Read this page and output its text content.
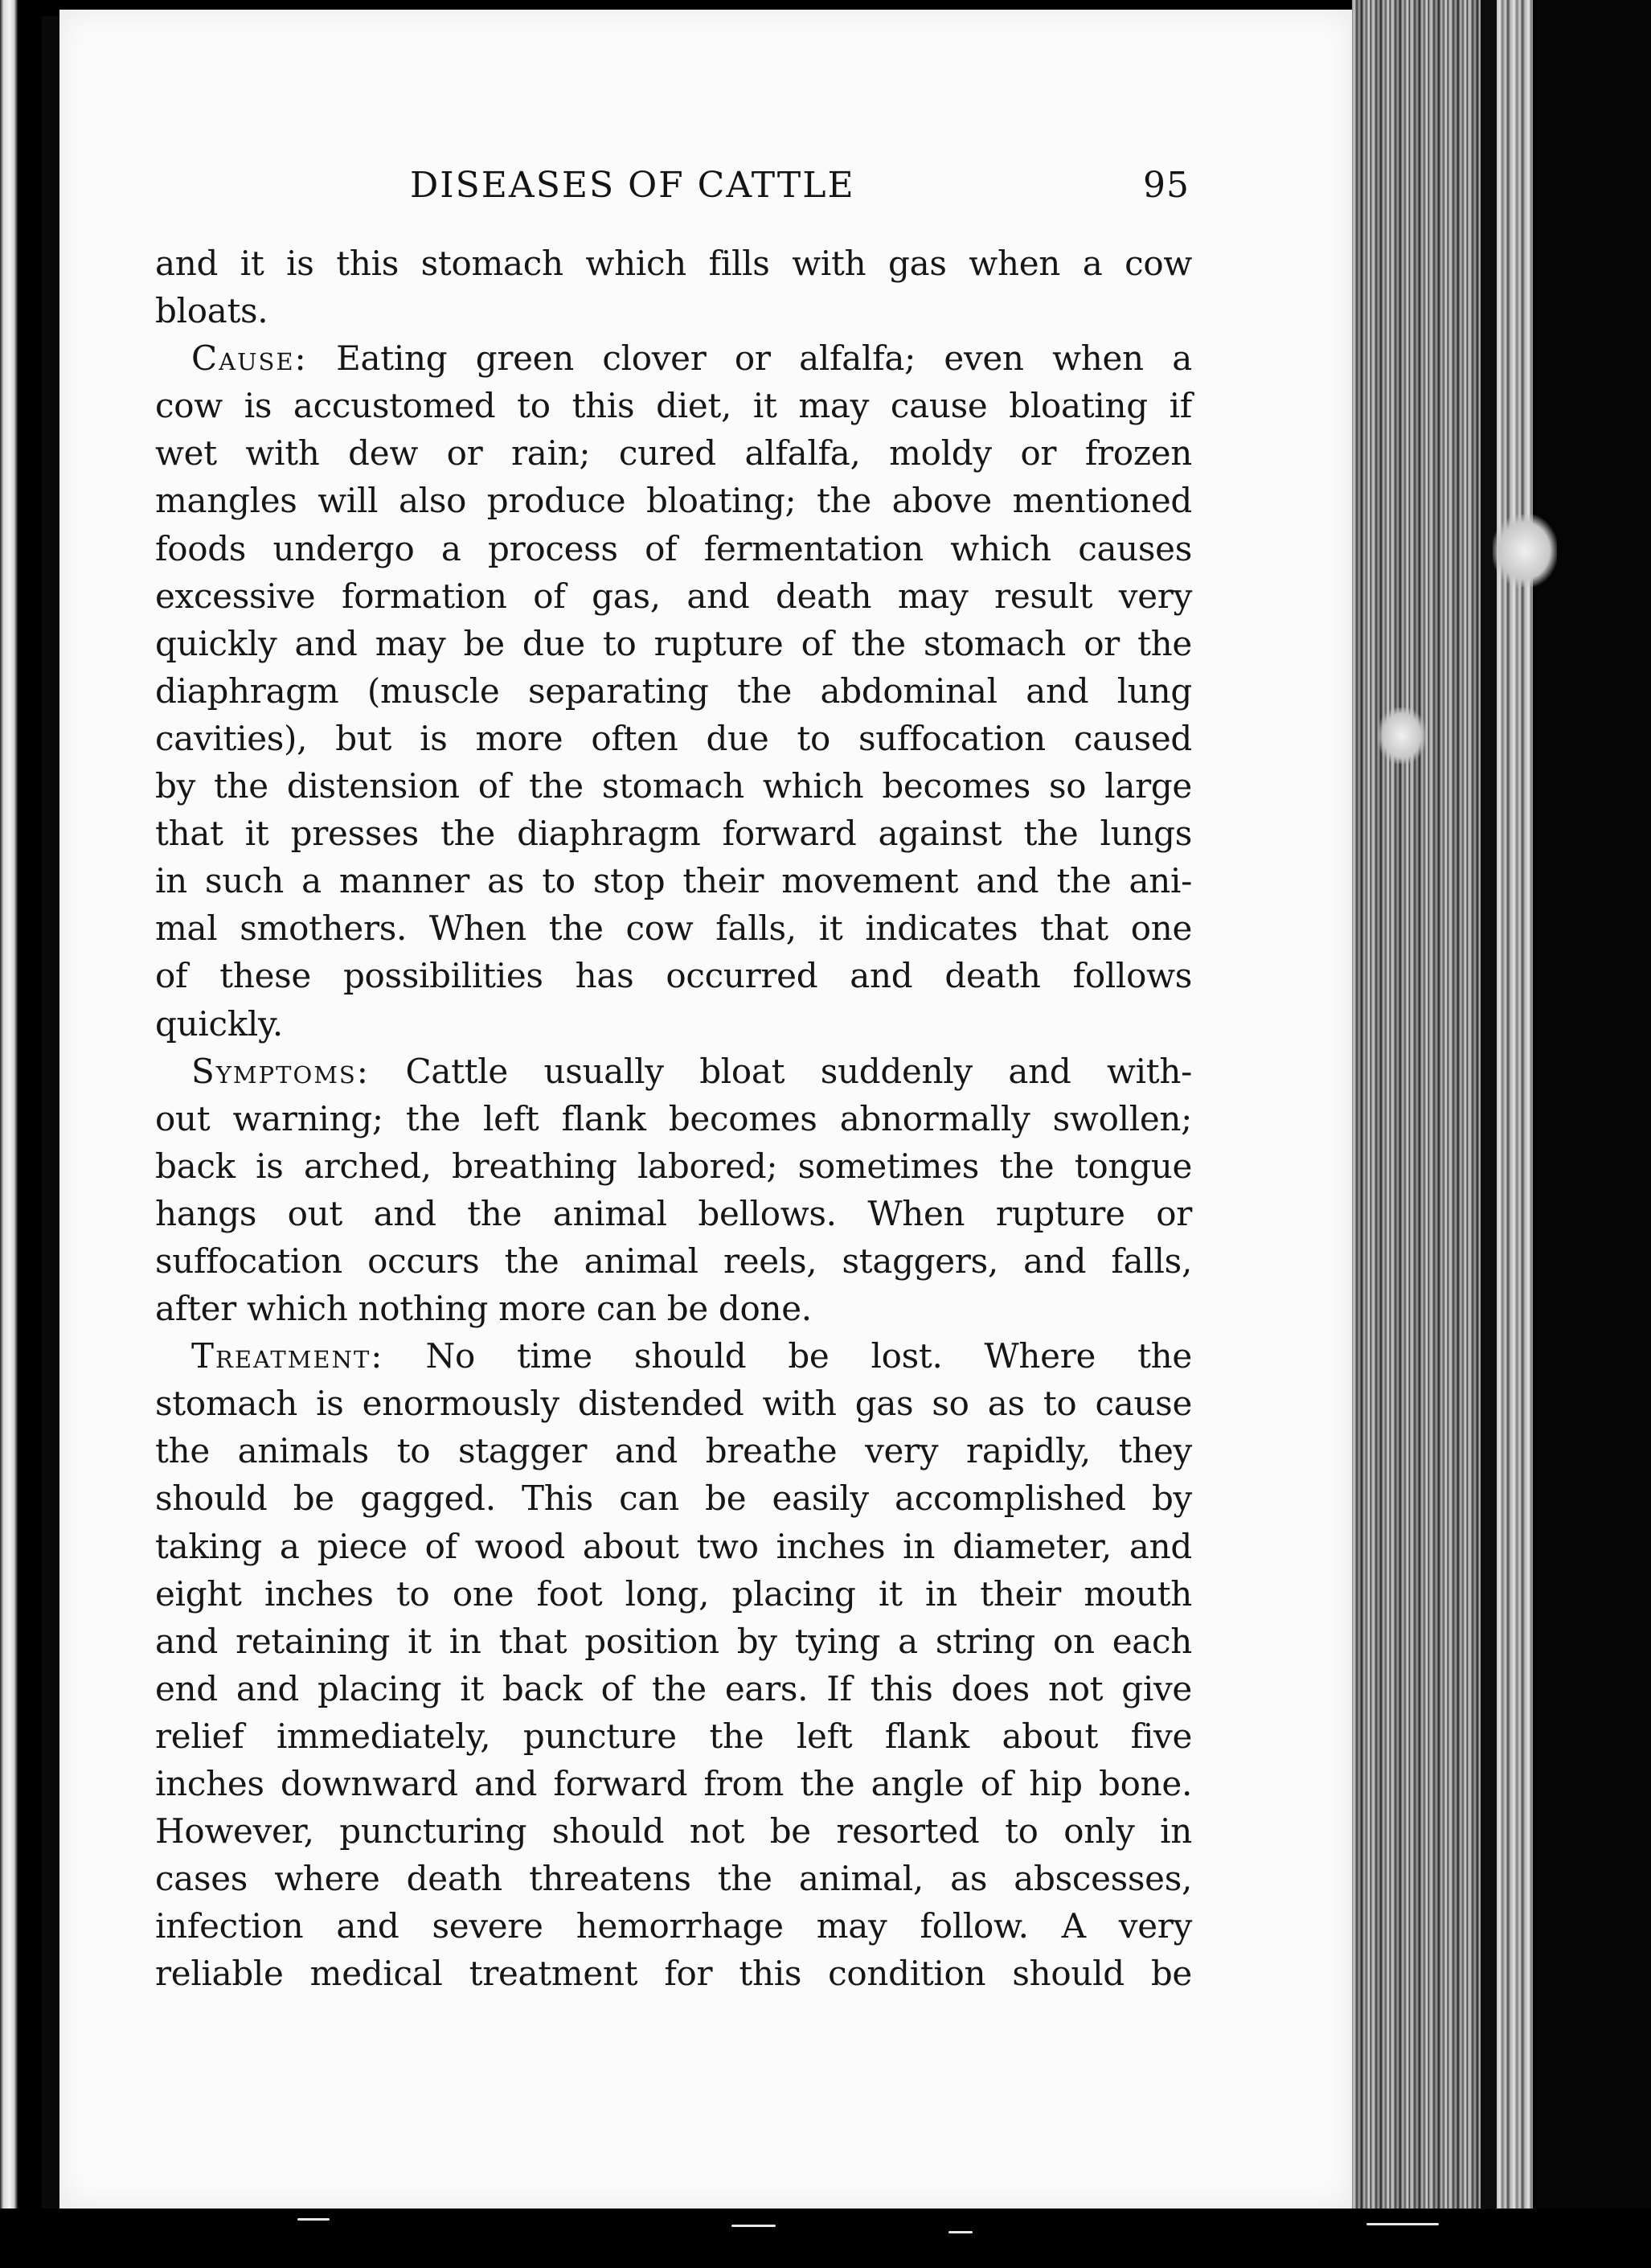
DISEASES OF CATTLE	95
and it is this stomach which fills with gas when a cow
bloats.
Cause: Eating green clover or alfalfa; even when a
cow is accustomed to this diet, it may cause bloating if
wet with dew or rain; cured alfalfa, moldy or frozen
mangles will also produce bloating; the above mentioned
foods undergo a process of fermentation which causes
excessive formation of gas, and death may result very
quickly and may be due to rupture of the stomach or the
diaphragm (muscle separating the abdominal and lung
cavities), but is more often due to suffocation caused
by the distension of the stomach which becomes so large
that it presses the diaphragm forward against the lungs
in such a manner as to stop their movement and the ani-
mal smothers. When the cow falls, it indicates that one
of these possibilities has occurred and death follows
quickly.
Symptoms: Cattle usually bloat suddenly and with-
out warning; the left flank becomes abnormally swollen;
back is arched, breathing labored; sometimes the tongue
hangs out and the animal bellows. When rupture or
suffocation occurs the animal reels, staggers, and falls,
after which nothing more can be done.
Treatment: No time should be lost. Where the
stomach is enormously distended with gas so as to cause
the animals to stagger and breathe very rapidly, they
should be gagged. This can be easily accomplished by
taking a piece of wood about two inches in diameter, and
eight inches to one foot long, placing it in their mouth
and retaining it in that position by tying a string on each
end and placing it back of the ears. If this does not give
relief immediately, puncture the left flank about five
inches downward and forward from the angle of hip bone.
However, puncturing should not be resorted to only in
cases where death threatens the animal, as abscesses,
infection and severe hemorrhage may follow. A very
reliable medical treatment for this condition should be
